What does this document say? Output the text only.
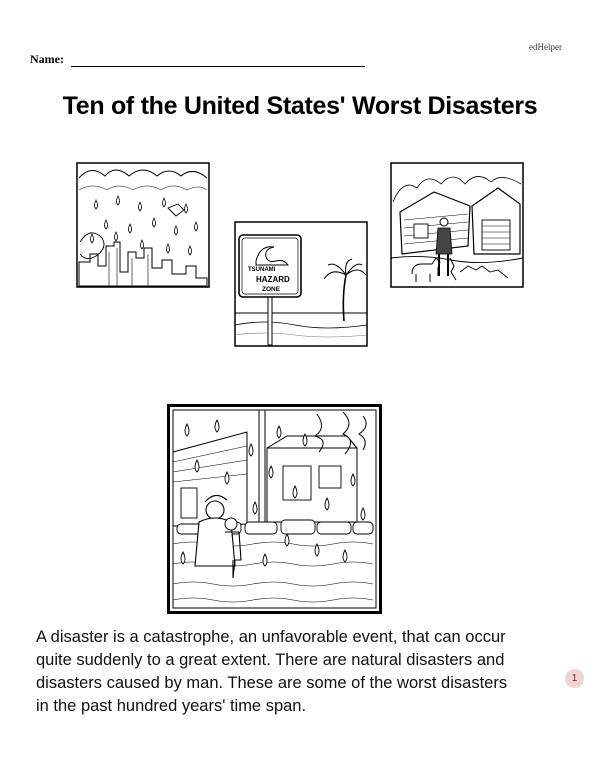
edHelper
Name:
Ten of the United States' Worst Disasters
TSUNAMI
HAZARD
ZONE
A disaster is a catastrophe, an unfavorable event, that can occur
quite suddenly to a great extent. There are natural disasters and
disasters caused by man. These are some of the worst disasters
in the past hundred years' time span.
1
